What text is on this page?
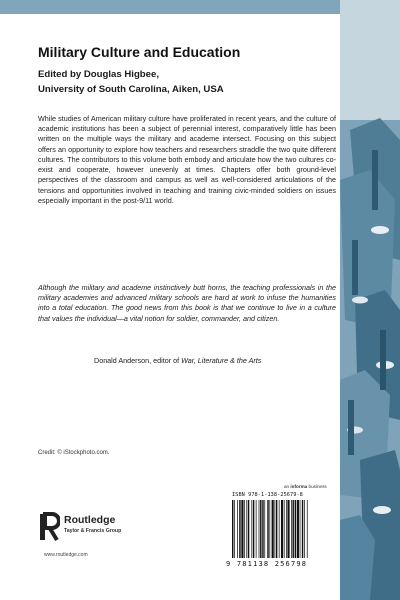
Military Culture and Education
Edited by Douglas Higbee,
University of South Carolina, Aiken, USA

While studies of American military culture have proliferated in recent years, and the culture of academic institutions has been a subject of perennial interest, comparatively little has been written on the multiple ways the military and academe intersect. Focusing on this subject offers an opportunity to explore how teachers and researchers straddle the two quite different cultures. The contributors to this volume both embody and articulate how the two cultures co-exist and cooperate, however unevenly at times. Chapters offer both ground-level perspectives of the classroom and campus as well as well-considered articulations of the tensions and opportunities involved in teaching and training civic-minded soldiers on issues especially important in the post-9/11 world.

Although the military and academe instinctively butt horns, the teaching professionals in the military academies and advanced military schools are hard at work to infuse the humanities into a total education. The good news from this book is that we continue to live in a culture that values the individual—a vital notion for soldier, commander, and citizen.

Donald Anderson, editor of War, Literature & the Arts
Credit: © iStockphoto.com.
Routledge
Taylor & Francis Group
www.routledge.com
an informa business
ISBN 978-1-138-25679-8
9 781138 256798
